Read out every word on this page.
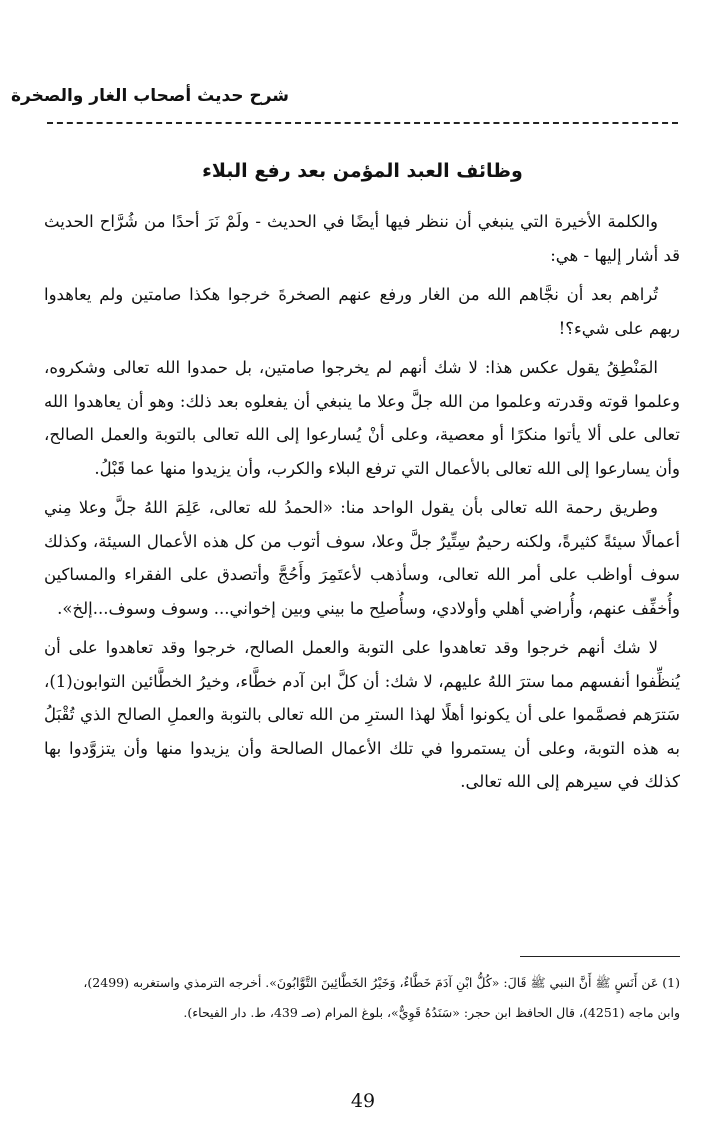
شرح حديث أصحاب الغار والصخرة
وظائف العبد المؤمن بعد رفع البلاء

والكلمة الأخيرة التي ينبغي أن ننظر فيها أيضًا في الحديث - ولَمْ نَرَ أحدًا من شُرَّاح الحديث قد أشار إليها - هي:

تُراهم بعد أن نجَّاهم الله من الغار ورفع عنهم الصخرةَ خرجوا هكذا صامتين ولم يعاهدوا ربهم على شيء؟!

المَنْطِقُ يقول عكس هذا: لا شك أنهم لم يخرجوا صامتين، بل حمدوا الله تعالى وشكروه، وعلموا قوته وقدرته وعلموا من الله جلَّ وعلا ما ينبغي أن يفعلوه بعد ذلك: وهو أن يعاهدوا الله تعالى على ألا يأتوا منكرًا أو معصية، وعلى أنْ يُسارعوا إلى الله تعالى بالتوبة والعمل الصالح، وأن يسارعوا إلى الله تعالى بالأعمال التي ترفع البلاء والكرب، وأن يزيدوا منها عما قَبْلُ.

وطريق رحمة الله تعالى بأن يقول الواحد منا: «الحمدُ لله تعالى، عَلِمَ اللهُ جلَّ وعلا مِني أعمالًا سيئةً كثيرةً، ولكنه رحيمٌ سِتِّيرٌ جلَّ وعلا، سوف أتوب من كل هذه الأعمال السيئة، وكذلك سوف أواظب على أمر الله تعالى، وسأذهب لأعتَمِرَ وأَحُجَّ وأتصدق على الفقراء والمساكين وأُخفِّف عنهم، وأُراضي أهلي وأولادي، وسأُصلِح ما بيني وبين إخواني... وسوف وسوف...إلخ».

لا شك أنهم خرجوا وقد تعاهدوا على التوبة والعمل الصالح، خرجوا وقد تعاهدوا على أن يُنظِّفوا أنفسهم مما سترَ اللهُ عليهم، لا شك: أن كلَّ ابن آدم خطَّاء، وخيرُ الخطَّائين التوابون(1)، سَترَهم فصمَّموا على أن يكونوا أهلًا لهذا السترِ من الله تعالى بالتوبة والعملِ الصالح الذي تُقْبَلُ به هذه التوبة، وعلى أن يستمروا في تلك الأعمال الصالحة وأن يزيدوا منها وأن يتزوَّدوا بها كذلك في سيرهم إلى الله تعالى.

(1) عَن أَنَسٍ ﷺ أَنَّ النبي ﷺ قَالَ: «كُلُّ ابْنِ آدَمَ خَطَّاءٌ، وَخَيْرُ الخَطَّائِينَ التَّوَّابُونَ». أخرجه الترمذي واستغربه (2499)،

وابن ماجه (4251)، قال الحافظ ابن حجر: «سَنَدُهُ قَوِيٌّ»، بلوغ المرام (صـ 439، ط. دار الفيحاء).

49
